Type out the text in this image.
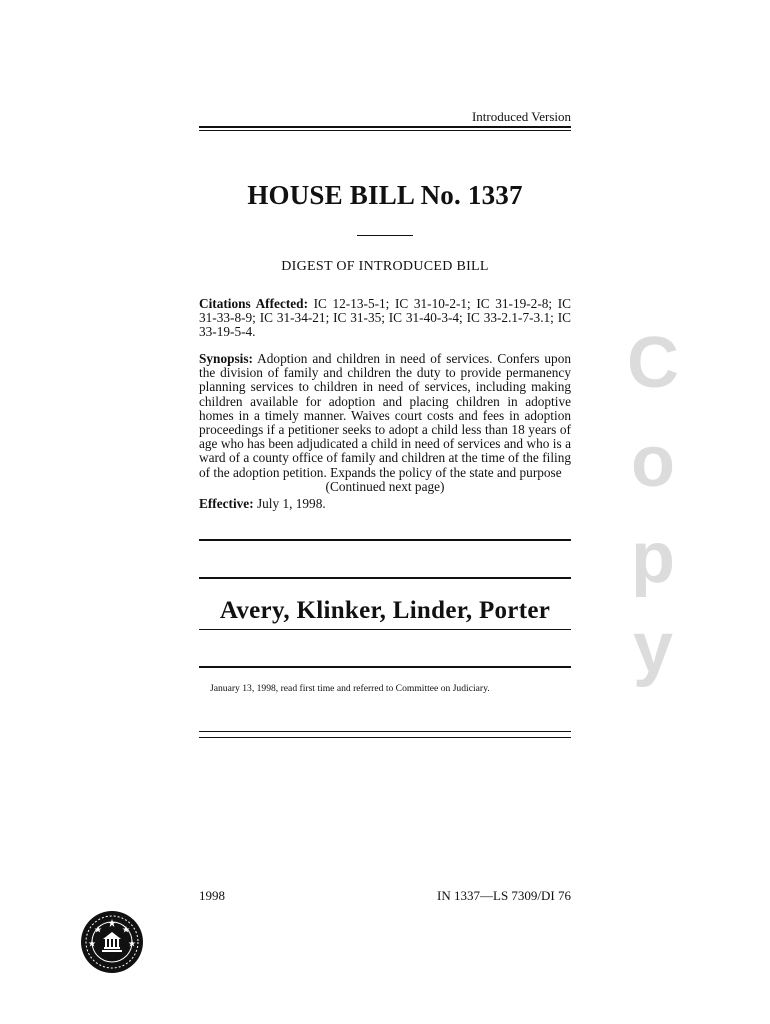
Introduced Version
HOUSE BILL No. 1337
DIGEST OF INTRODUCED BILL
Citations Affected: IC 12-13-5-1; IC 31-10-2-1; IC 31-19-2-8; IC 31-33-8-9; IC 31-34-21; IC 31-35; IC 31-40-3-4; IC 33-2.1-7-3.1; IC 33-19-5-4.
Synopsis: Adoption and children in need of services. Confers upon the division of family and children the duty to provide permanency planning services to children in need of services, including making children available for adoption and placing children in adoptive homes in a timely manner. Waives court costs and fees in adoption proceedings if a petitioner seeks to adopt a child less than 18 years of age who has been adjudicated a child in need of services and who is a ward of a county office of family and children at the time of the filing of the adoption petition. Expands the policy of the state and purpose
(Continued next page)
Effective: July 1, 1998.
Avery, Klinker, Linder, Porter
January 13, 1998, read first time and referred to Committee on Judiciary.
1998	IN 1337—LS 7309/DI 76
C
o
p
y
